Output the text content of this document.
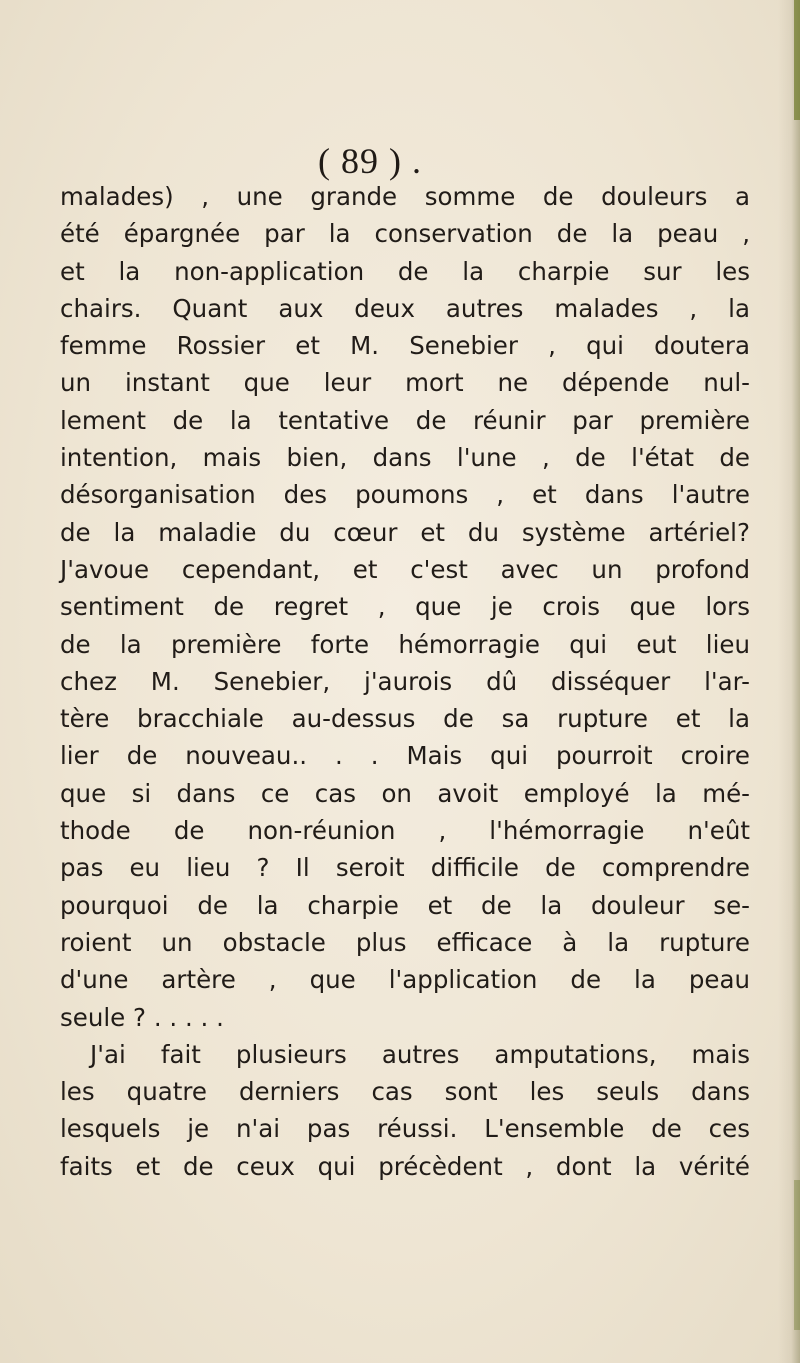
( 89 ) .
malades) , une grande somme de douleurs a
été épargnée par la conservation de la peau ,
et la non-application de la charpie sur les
chairs. Quant aux deux autres malades , la
femme Rossier et M. Senebier , qui doutera
un instant que leur mort ne dépende nul-
lement de la tentative de réunir par première
intention, mais bien, dans l'une , de l'état de
désorganisation des poumons , et dans l'autre
de la maladie du cœur et du système artériel?
J'avoue cependant, et c'est avec un profond
sentiment de regret , que je crois que lors
de la première forte hémorragie qui eut lieu
chez M. Senebier, j'aurois dû disséquer l'ar-
tère bracchiale au-dessus de sa rupture et la
lier de nouveau.. . . Mais qui pourroit croire
que si dans ce cas on avoit employé la mé-
thode de non-réunion , l'hémorragie n'eût
pas eu lieu ? Il seroit difficile de comprendre
pourquoi de la charpie et de la douleur se-
roient un obstacle plus efficace à la rupture
d'une artère , que l'application de la peau
seule ? . . . . .
J'ai fait plusieurs autres amputations, mais
les quatre derniers cas sont les seuls dans
lesquels je n'ai pas réussi. L'ensemble de ces
faits et de ceux qui précèdent , dont la vérité
